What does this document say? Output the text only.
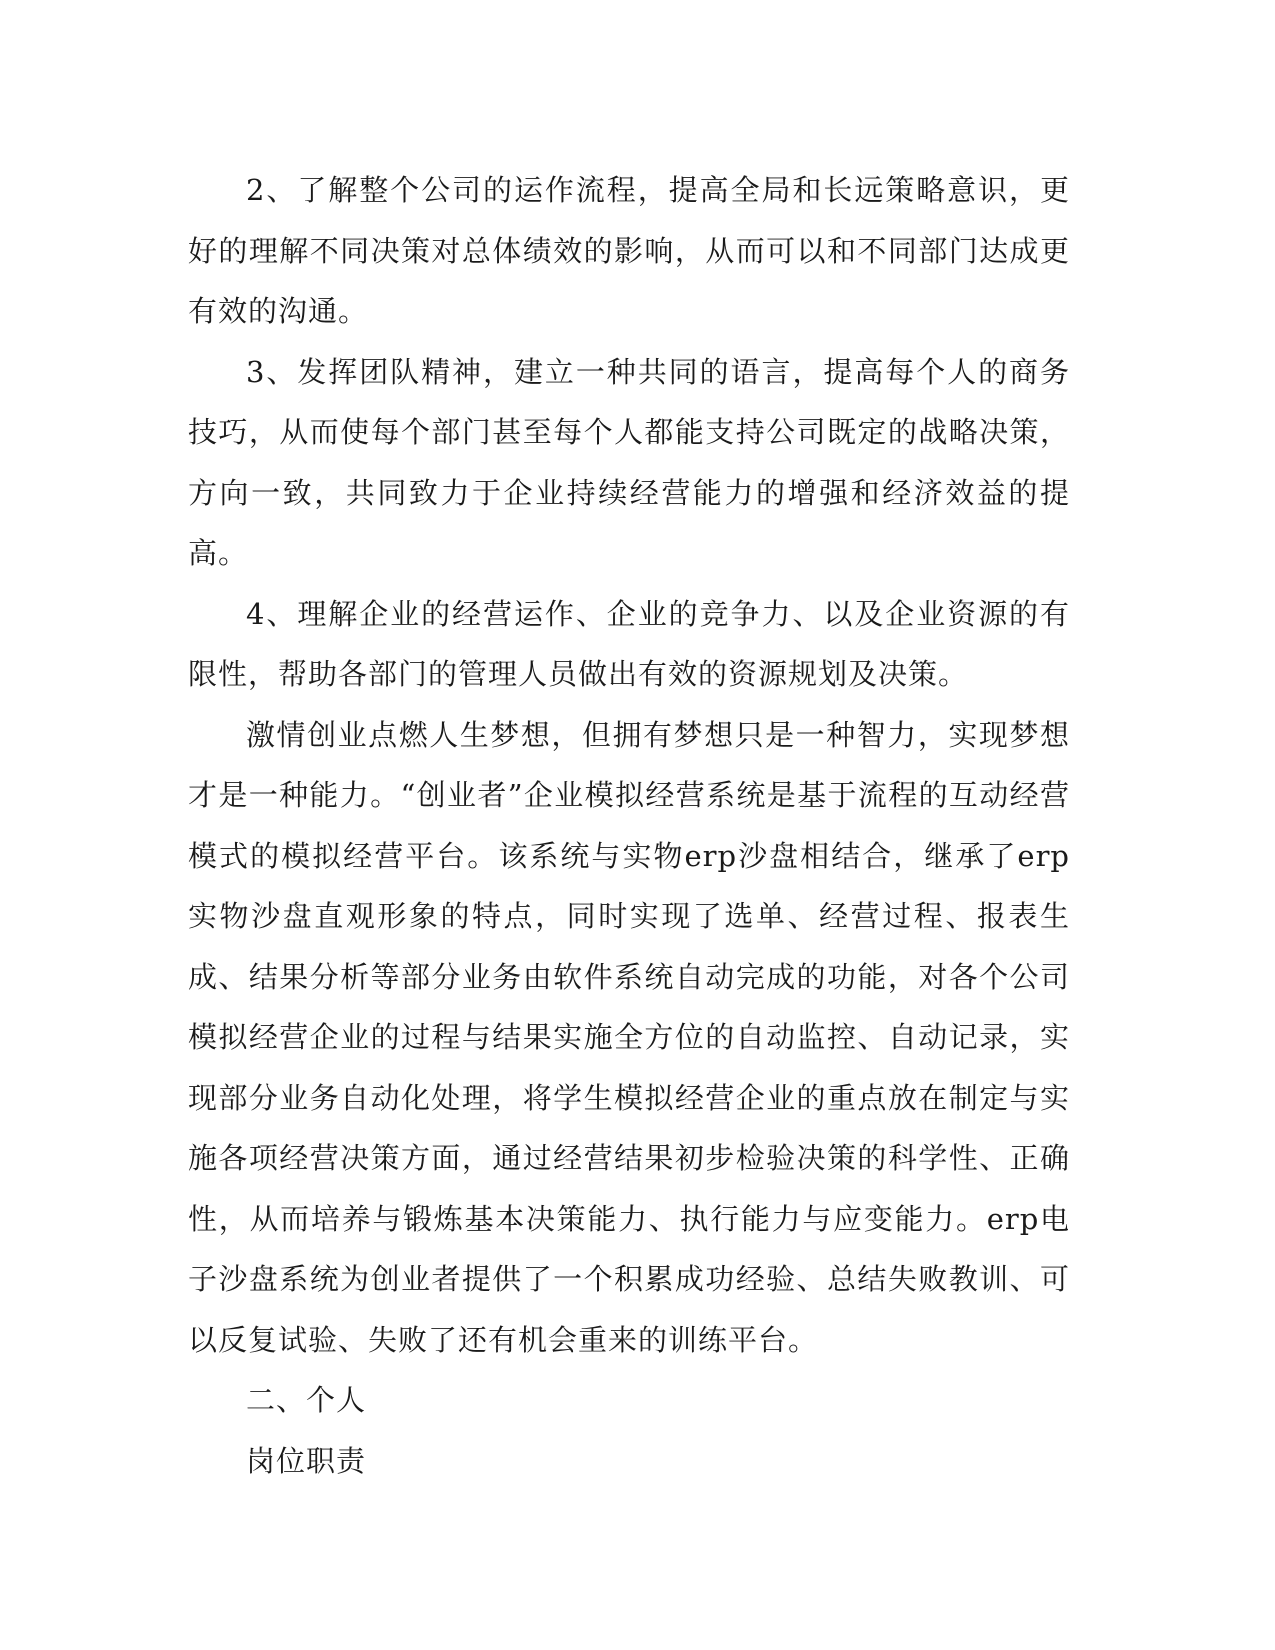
2、了解整个公司的运作流程，提高全局和长远策略意识，更好的理解不同决策对总体绩效的影响，从而可以和不同部门达成更有效的沟通。

3、发挥团队精神，建立一种共同的语言，提高每个人的商务技巧，从而使每个部门甚至每个人都能支持公司既定的战略决策，方向一致，共同致力于企业持续经营能力的增强和经济效益的提高。

4、理解企业的经营运作、企业的竞争力、以及企业资源的有限性，帮助各部门的管理人员做出有效的资源规划及决策。

激情创业点燃人生梦想，但拥有梦想只是一种智力，实现梦想才是一种能力。“创业者”企业模拟经营系统是基于流程的互动经营模式的模拟经营平台。该系统与实物erp沙盘相结合，继承了erp实物沙盘直观形象的特点，同时实现了选单、经营过程、报表生成、结果分析等部分业务由软件系统自动完成的功能，对各个公司模拟经营企业的过程与结果实施全方位的自动监控、自动记录，实现部分业务自动化处理，将学生模拟经营企业的重点放在制定与实施各项经营决策方面，通过经营结果初步检验决策的科学性、正确性，从而培养与锻炼基本决策能力、执行能力与应变能力。erp电子沙盘系统为创业者提供了一个积累成功经验、总结失败教训、可以反复试验、失败了还有机会重来的训练平台。

二、个人

岗位职责
